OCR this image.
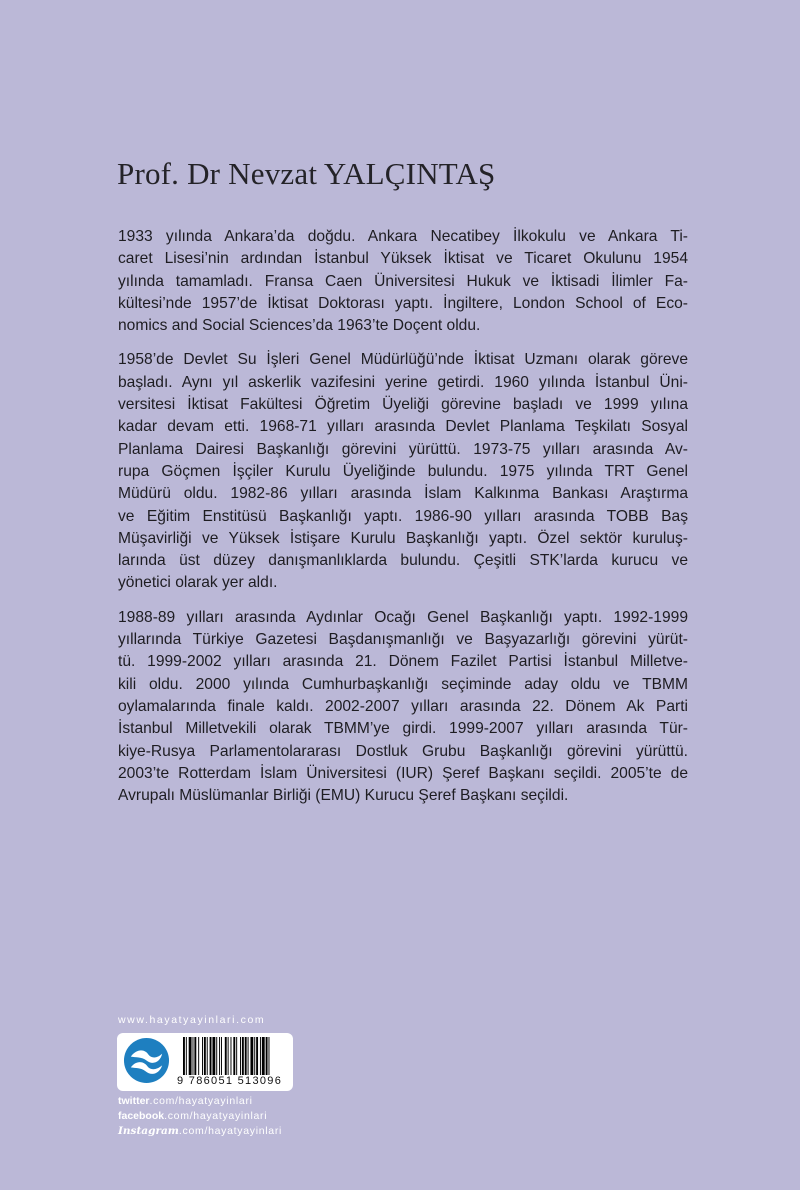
Prof. Dr Nevzat YALÇINTAŞ

1933 yılında Ankara’da doğdu. Ankara Necatibey İlkokulu ve Ankara Ti-
caret Lisesi’nin ardından İstanbul Yüksek İktisat ve Ticaret Okulunu 1954
yılında tamamladı. Fransa Caen Üniversitesi Hukuk ve İktisadi İlimler Fa-
kültesi’nde 1957’de İktisat Doktorası yaptı. İngiltere, London School of Eco-
nomics and Social Sciences’da 1963’te Doçent oldu.

1958’de Devlet Su İşleri Genel Müdürlüğü’nde İktisat Uzmanı olarak göreve
başladı. Aynı yıl askerlik vazifesini yerine getirdi. 1960 yılında İstanbul Üni-
versitesi İktisat Fakültesi Öğretim Üyeliği görevine başladı ve 1999 yılına
kadar devam etti. 1968-71 yılları arasında Devlet Planlama Teşkilatı Sosyal
Planlama Dairesi Başkanlığı görevini yürüttü. 1973-75 yılları arasında Av-
rupa Göçmen İşçiler Kurulu Üyeliğinde bulundu. 1975 yılında TRT Genel
Müdürü oldu. 1982-86 yılları arasında İslam Kalkınma Bankası Araştırma
ve Eğitim Enstitüsü Başkanlığı yaptı. 1986-90 yılları arasında TOBB Baş
Müşavirliği ve Yüksek İstişare Kurulu Başkanlığı yaptı. Özel sektör kuruluş-
larında üst düzey danışmanlıklarda bulundu. Çeşitli STK’larda kurucu ve
yönetici olarak yer aldı.

1988-89 yılları arasında Aydınlar Ocağı Genel Başkanlığı yaptı. 1992-1999
yıllarında Türkiye Gazetesi Başdanışmanlığı ve Başyazarlığı görevini yürüt-
tü. 1999-2002 yılları arasında 21. Dönem Fazilet Partisi İstanbul Milletve-
kili oldu. 2000 yılında Cumhurbaşkanlığı seçiminde aday oldu ve TBMM
oylamalarında finale kaldı. 2002-2007 yılları arasında 22. Dönem Ak Parti
İstanbul Milletvekili olarak TBMM’ye girdi. 1999-2007 yılları arasında Tür-
kiye-Rusya Parlamentolararası Dostluk Grubu Başkanlığı görevini yürüttü.
2003’te Rotterdam İslam Üniversitesi (IUR) Şeref Başkanı seçildi. 2005’te de
Avrupalı Müslümanlar Birliği (EMU) Kurucu Şeref Başkanı seçildi.

www.hayatyayinlari.com
9 786051 513096
twitter.com/hayatyayinlari
facebook.com/hayatyayinlari
Instagram.com/hayatyayinlari
